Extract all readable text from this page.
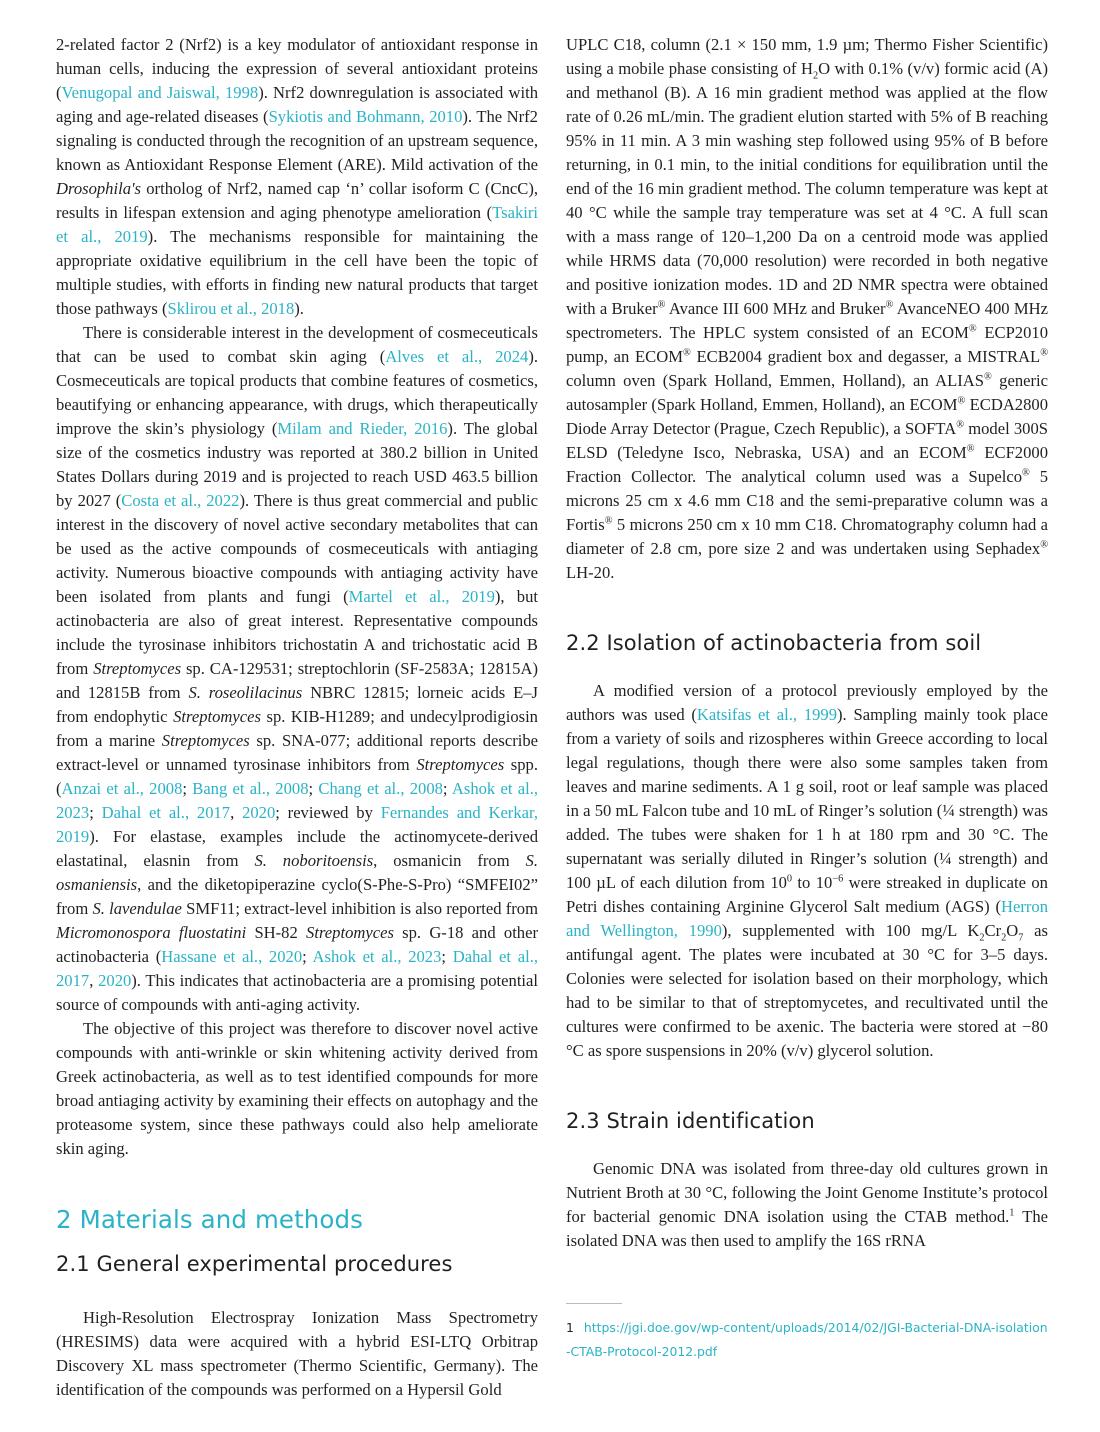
2-related factor 2 (Nrf2) is a key modulator of antioxidant response in human cells, inducing the expression of several antioxidant proteins (Venugopal and Jaiswal, 1998). Nrf2 downregulation is associated with aging and age-related diseases (Sykiotis and Bohmann, 2010). The Nrf2 signaling is conducted through the recognition of an upstream sequence, known as Antioxidant Response Element (ARE). Mild activation of the Drosophila's ortholog of Nrf2, named cap ‘n’ collar isoform C (CncC), results in lifespan extension and aging phenotype amelioration (Tsakiri et al., 2019). The mechanisms responsible for maintaining the appropriate oxidative equilibrium in the cell have been the topic of multiple studies, with efforts in finding new natural products that target those pathways (Sklirou et al., 2018).

There is considerable interest in the development of cosmeceuticals that can be used to combat skin aging (Alves et al., 2024). Cosmeceuticals are topical products that combine features of cosmetics, beautifying or enhancing appearance, with drugs, which therapeutically improve the skin’s physiology (Milam and Rieder, 2016). The global size of the cosmetics industry was reported at 380.2 billion in United States Dollars during 2019 and is projected to reach USD 463.5 billion by 2027 (Costa et al., 2022). There is thus great commercial and public interest in the discovery of novel active secondary metabolites that can be used as the active compounds of cosmeceuticals with antiaging activity. Numerous bioactive compounds with antiaging activity have been isolated from plants and fungi (Martel et al., 2019), but actinobacteria are also of great interest. Representative compounds include the tyrosinase inhibitors trichostatin A and trichostatic acid B from Streptomyces sp. CA-129531; streptochlorin (SF-2583A; 12815A) and 12815B from S. roseolilacinus NBRC 12815; lorneic acids E–J from endophytic Streptomyces sp. KIB-H1289; and undecylprodigiosin from a marine Streptomyces sp. SNA-077; additional reports describe extract-level or unnamed tyrosinase inhibitors from Streptomyces spp. (Anzai et al., 2008; Bang et al., 2008; Chang et al., 2008; Ashok et al., 2023; Dahal et al., 2017, 2020; reviewed by Fernandes and Kerkar, 2019). For elastase, examples include the actinomycete-derived elastatinal, elasnin from S. noboritoensis, osmanicin from S. osmaniensis, and the diketopiperazine cyclo(S-Phe-S-Pro) “SMFEI02” from S. lavendulae SMF11; extract-level inhibition is also reported from Micromonospora fluostatini SH-82 Streptomyces sp. G-18 and other actinobacteria (Hassane et al., 2020; Ashok et al., 2023; Dahal et al., 2017, 2020). This indicates that actinobacteria are a promising potential source of compounds with anti-aging activity.

The objective of this project was therefore to discover novel active compounds with anti-wrinkle or skin whitening activity derived from Greek actinobacteria, as well as to test identified compounds for more broad antiaging activity by examining their effects on autophagy and the proteasome system, since these pathways could also help ameliorate skin aging.

2 Materials and methods
2.1 General experimental procedures

High-Resolution Electrospray Ionization Mass Spectrometry (HRESIMS) data were acquired with a hybrid ESI-LTQ Orbitrap Discovery XL mass spectrometer (Thermo Scientific, Germany). The identification of the compounds was performed on a Hypersil Gold

UPLC C18, column (2.1 × 150 mm, 1.9 µm; Thermo Fisher Scientific) using a mobile phase consisting of $H_2O$ with 0.1% (v/v) formic acid (A) and methanol (B). A 16 min gradient method was applied at the flow rate of 0.26 mL/min. The gradient elution started with 5% of B reaching 95% in 11 min. A 3 min washing step followed using 95% of B before returning, in 0.1 min, to the initial conditions for equilibration until the end of the 16 min gradient method. The column temperature was kept at 40 °C while the sample tray temperature was set at 4 °C. A full scan with a mass range of 120–1,200 Da on a centroid mode was applied while HRMS data (70,000 resolution) were recorded in both negative and positive ionization modes. 1D and 2D NMR spectra were obtained with a Bruker® Avance III 600 MHz and Bruker® AvanceNEO 400 MHz spectrometers. The HPLC system consisted of an ECOM® ECP2010 pump, an ECOM® ECB2004 gradient box and degasser, a MISTRAL® column oven (Spark Holland, Emmen, Holland), an ALIAS® generic autosampler (Spark Holland, Emmen, Holland), an ECOM® ECDA2800 Diode Array Detector (Prague, Czech Republic), a SOFTA® model 300S ELSD (Teledyne Isco, Nebraska, USA) and an ECOM® ECF2000 Fraction Collector. The analytical column used was a Supelco® 5 microns 25 cm x 4.6 mm C18 and the semi-preparative column was a Fortis® 5 microns 250 cm x 10 mm C18. Chromatography column had a diameter of 2.8 cm, pore size 2 and was undertaken using Sephadex® LH-20.

2.2 Isolation of actinobacteria from soil

A modified version of a protocol previously employed by the authors was used (Katsifas et al., 1999). Sampling mainly took place from a variety of soils and rizospheres within Greece according to local legal regulations, though there were also some samples taken from leaves and marine sediments. A 1 g soil, root or leaf sample was placed in a 50 mL Falcon tube and 10 mL of Ringer’s solution (¼ strength) was added. The tubes were shaken for 1 h at 180 rpm and 30 °C. The supernatant was serially diluted in Ringer’s solution (¼ strength) and 100 µL of each dilution from $10^0$ to $10^{-6}$ were streaked in duplicate on Petri dishes containing Arginine Glycerol Salt medium (AGS) (Herron and Wellington, 1990), supplemented with 100 mg/L $K_2Cr_2O_7$ as antifungal agent. The plates were incubated at 30 °C for 3–5 days. Colonies were selected for isolation based on their morphology, which had to be similar to that of streptomycetes, and recultivated until the cultures were confirmed to be axenic. The bacteria were stored at −80 °C as spore suspensions in 20% (v/v) glycerol solution.

2.3 Strain identification

Genomic DNA was isolated from three-day old cultures grown in Nutrient Broth at 30 °C, following the Joint Genome Institute’s protocol for bacterial genomic DNA isolation using the CTAB method.$^1$ The isolated DNA was then used to amplify the 16S rRNA

1 https://jgi.doe.gov/wp-content/uploads/2014/02/JGI-Bacterial-DNA-isolation-CTAB-Protocol-2012.pdf
